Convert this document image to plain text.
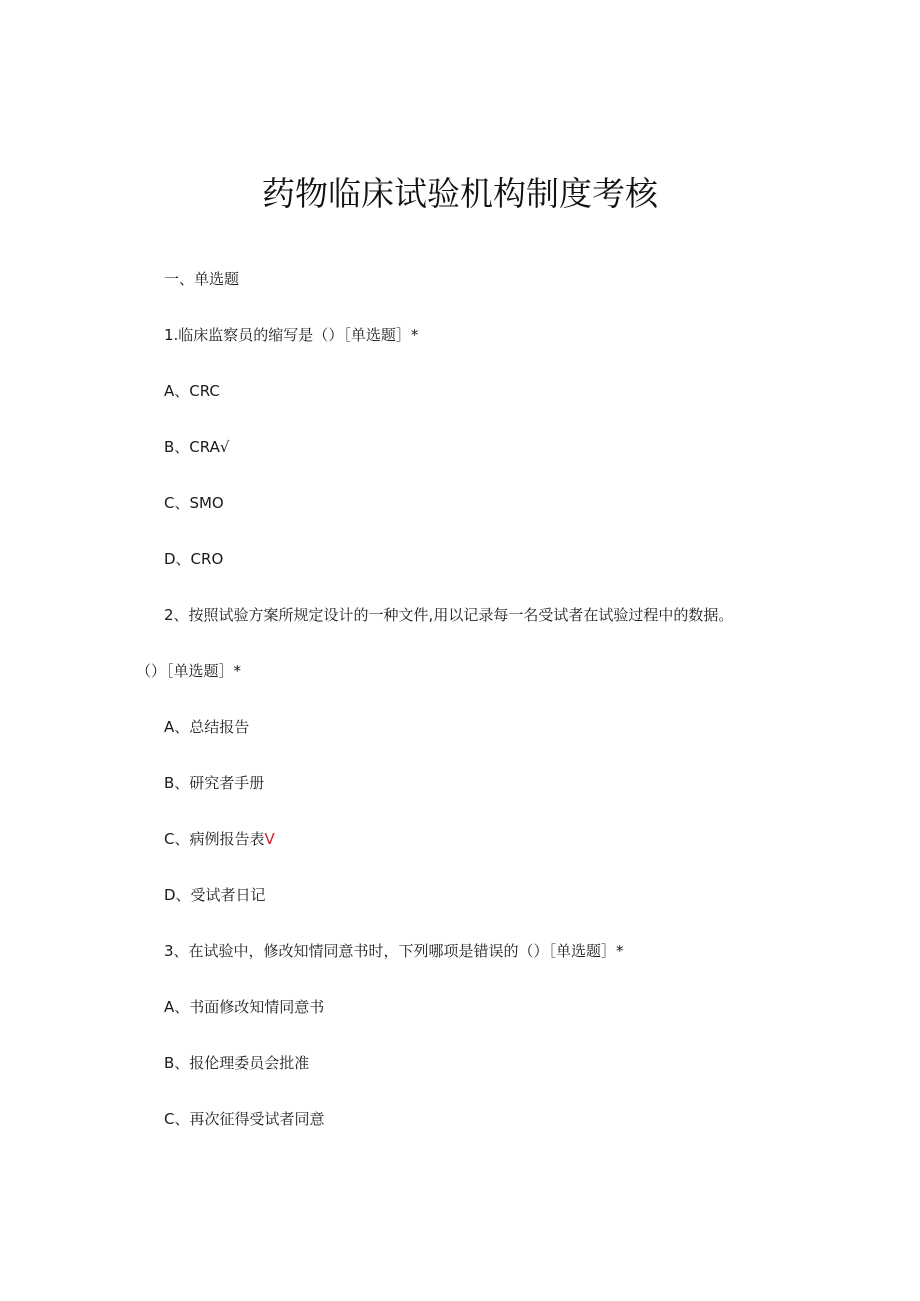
药物临床试验机构制度考核
一、单选题
1.临床监察员的缩写是（）［单选题］*
A、CRC
B、CRA√
C、SMO
D、CRO
2、按照试验方案所规定设计的一种文件,用以记录每一名受试者在试验过程中的数据。
（）［单选题］*
A、总结报告
B、研究者手册
C、病例报告表V
D、受试者日记
3、在试验中，修改知情同意书时，下列哪项是错误的（）［单选题］*
A、书面修改知情同意书
B、报伦理委员会批准
C、再次征得受试者同意
